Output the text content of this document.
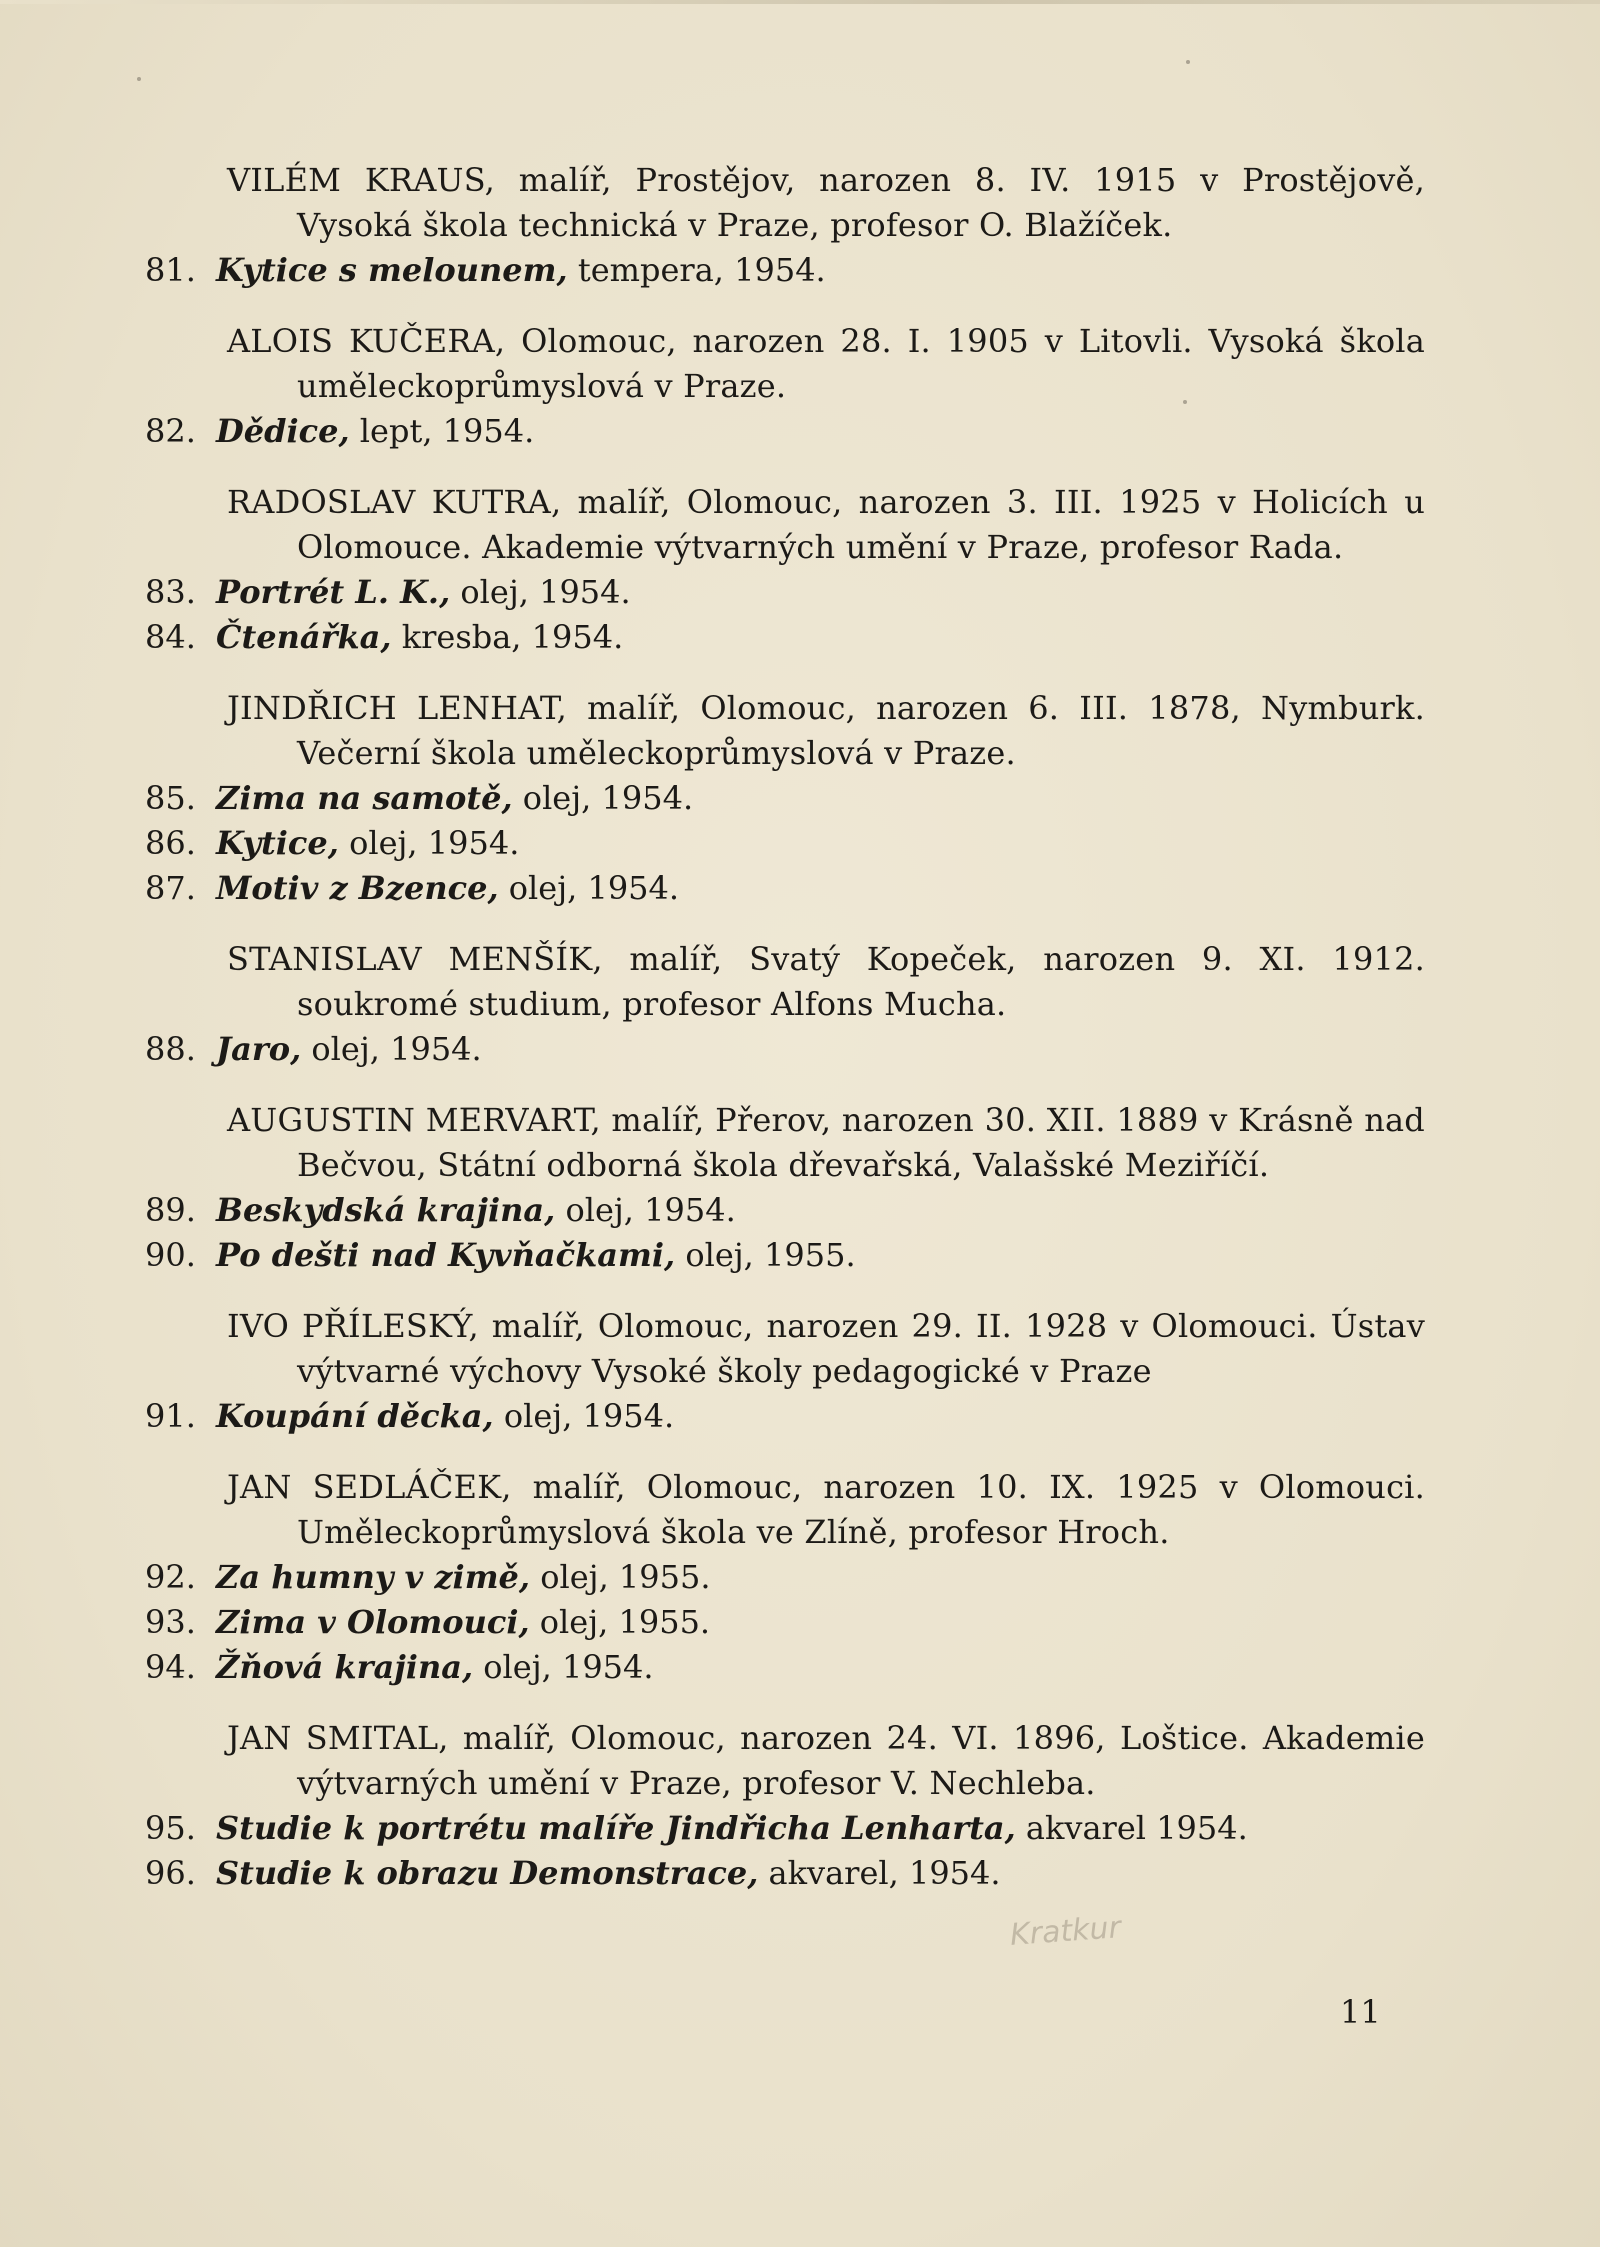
VILÉM KRAUS, malíř, Prostějov, narozen 8. IV. 1915 v Prostějově, Vysoká škola technická v Praze, profesor O. Blažíček.
81. Kytice s melounem, tempera, 1954.
ALOIS KUČERA, Olomouc, narozen 28. I. 1905 v Litovli. Vysoká škola uměleckoprůmyslová v Praze.
82. Dědice, lept, 1954.
RADOSLAV KUTRA, malíř, Olomouc, narozen 3. III. 1925 v Holicích u Olomouce. Akademie výtvarných umění v Praze, profesor Rada.
83. Portrét L. K., olej, 1954.
84. Čtenářka, kresba, 1954.
JINDŘICH LENHAT, malíř, Olomouc, narozen 6. III. 1878, Nymburk. Večerní škola uměleckoprůmyslová v Praze.
85. Zima na samotě, olej, 1954.
86. Kytice, olej, 1954.
87. Motiv z Bzence, olej, 1954.
STANISLAV MENŠÍK, malíř, Svatý Kopeček, narozen 9. XI. 1912. soukromé studium, profesor Alfons Mucha.
88. Jaro, olej, 1954.
AUGUSTIN MERVART, malíř, Přerov, narozen 30. XII. 1889 v Krásně nad Bečvou, Státní odborná škola dřevařská, Valašské Meziříčí.
89. Beskydská krajina, olej, 1954.
90. Po dešti nad Kyvňačkami, olej, 1955.
IVO PŘÍLESKÝ, malíř, Olomouc, narozen 29. II. 1928 v Olomouci. Ústav výtvarné výchovy Vysoké školy pedagogické v Praze
91. Koupání děcka, olej, 1954.
JAN SEDLÁČEK, malíř, Olomouc, narozen 10. IX. 1925 v Olomouci. Uměleckoprůmyslová škola ve Zlíně, profesor Hroch.
92. Za humny v zimě, olej, 1955.
93. Zima v Olomouci, olej, 1955.
94. Žňová krajina, olej, 1954.
JAN SMITAL, malíř, Olomouc, narozen 24. VI. 1896, Loštice. Akademie výtvarných umění v Praze, profesor V. Nechleba.
95. Studie k portrétu malíře Jindřicha Lenharta, akvarel 1954.
96. Studie k obrazu Demonstrace, akvarel, 1954.
Kratkur
11
